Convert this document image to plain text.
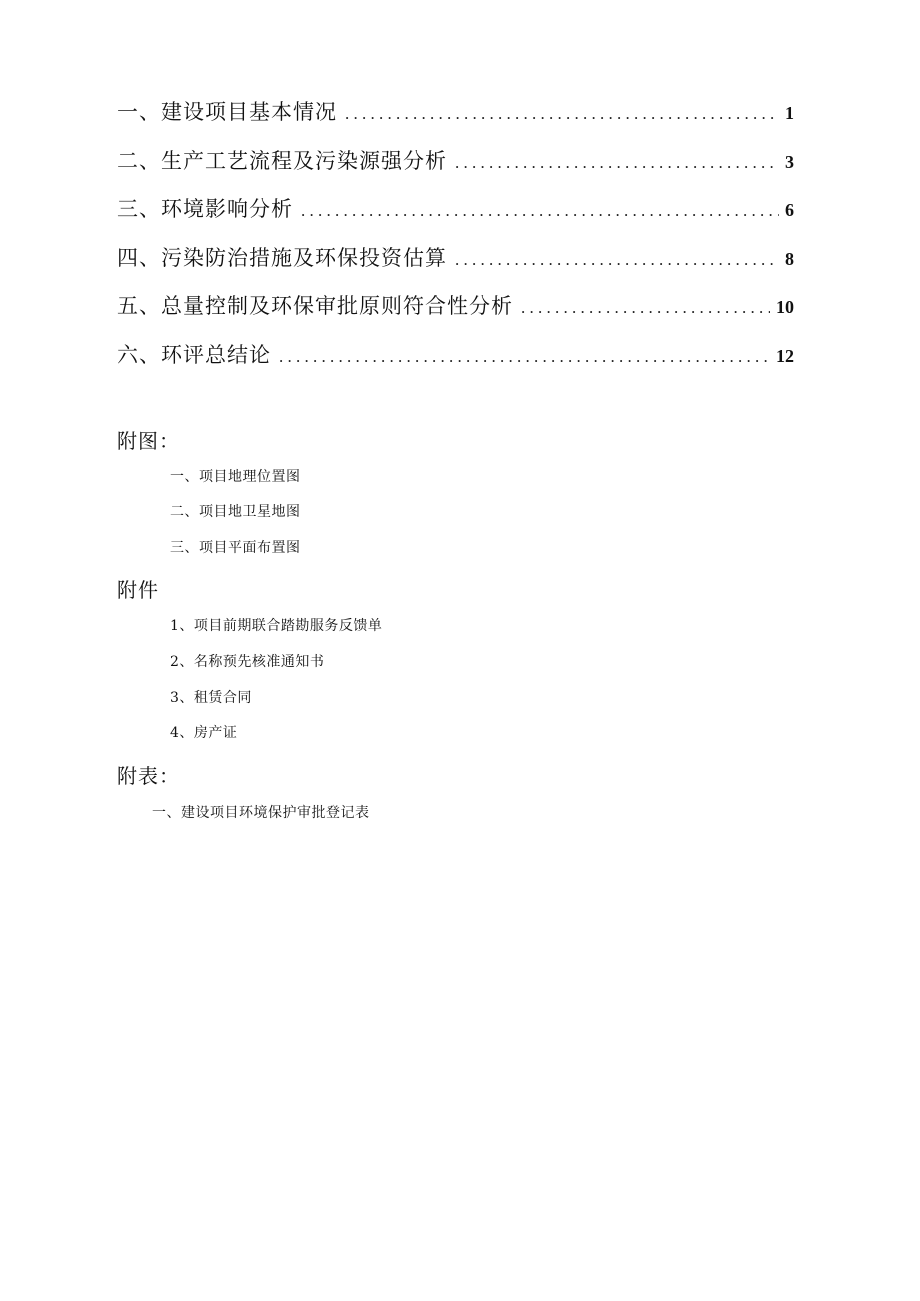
一、建设项目基本情况 . . .	1
二、生产工艺流程及污染源强分析 . . .	3
三、环境影响分析 . . .	6
四、污染防治措施及环保投资估算 . . .	8
五、总量控制及环保审批原则符合性分析 . . .	10
六、环评总结论 . . .	12
附图：
一、项目地理位置图
二、项目地卫星地图
三、项目平面布置图
附件
1、项目前期联合踏勘服务反馈单
2、名称预先核准通知书
3、租赁合同
4、房产证
附表：
一、建设项目环境保护审批登记表
